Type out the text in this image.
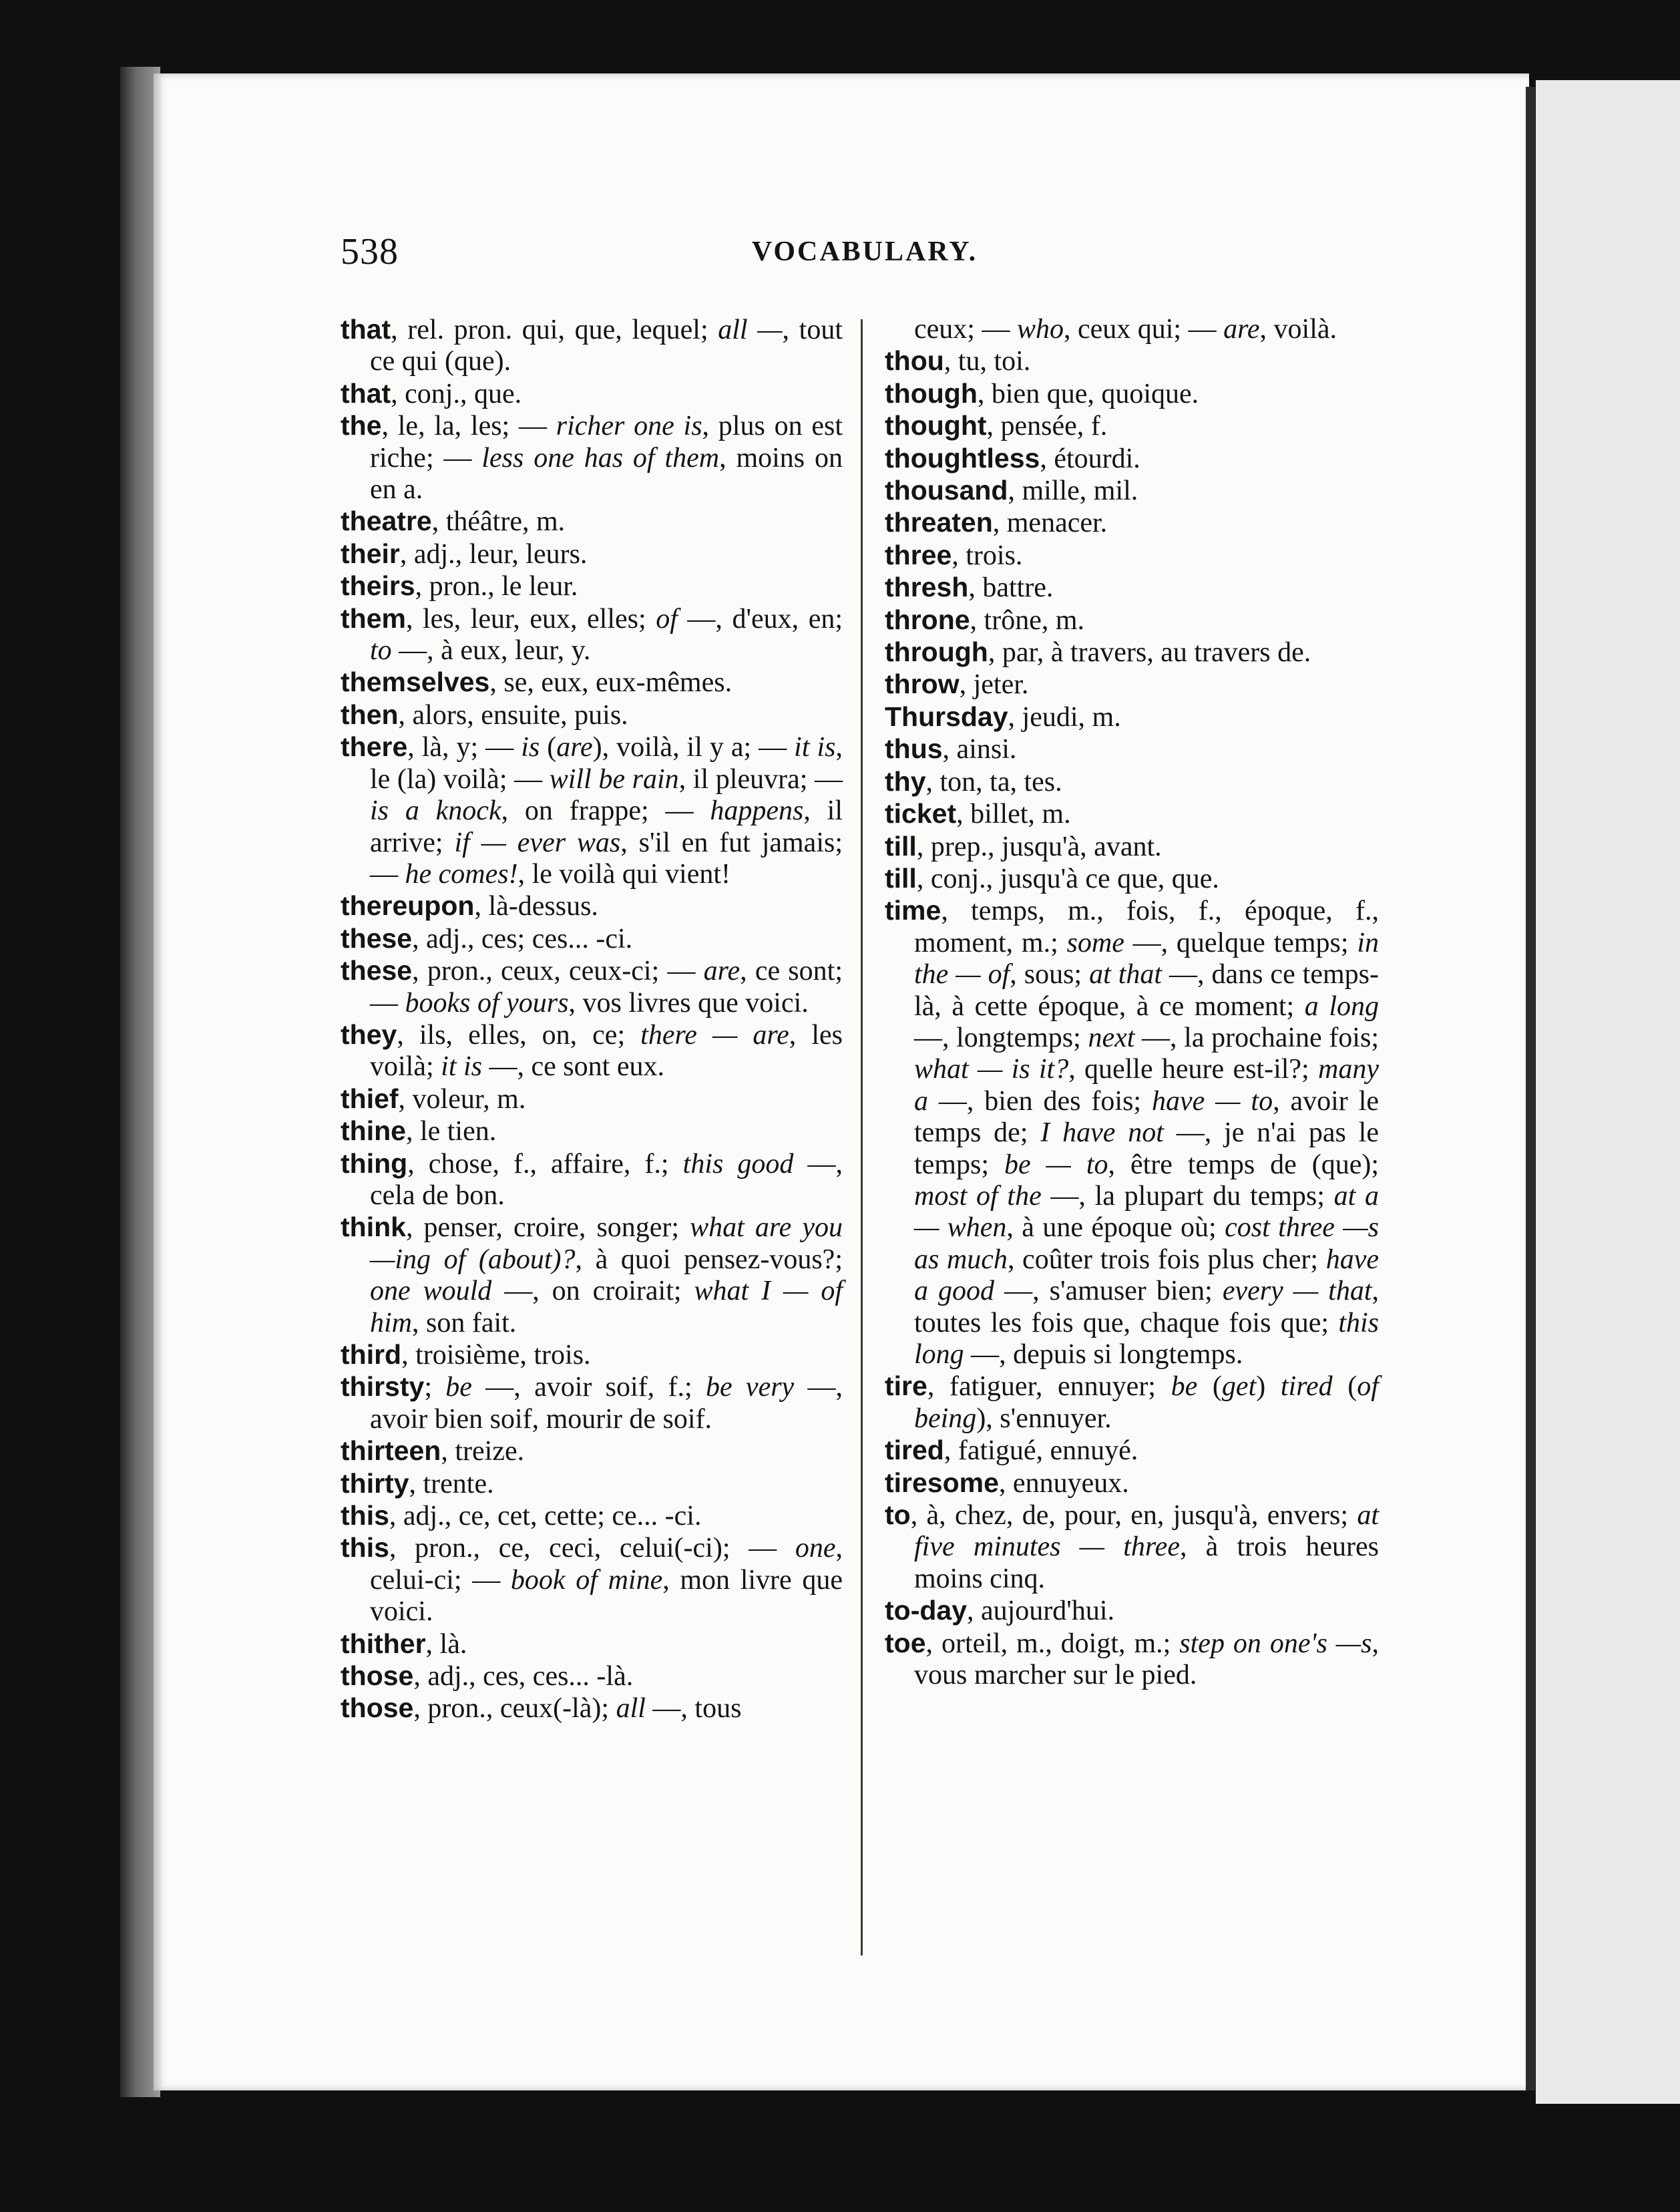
538	VOCABULARY.

that, rel. pron. qui, que, lequel; all —, tout ce qui (que).

that, conj., que.

the, le, la, les; — richer one is, plus on est riche; — less one has of them, moins on en a.

theatre, théâtre, m.

their, adj., leur, leurs.

theirs, pron., le leur.

them, les, leur, eux, elles; of —, d'eux, en; to —, à eux, leur, y.

themselves, se, eux, eux-mêmes.

then, alors, ensuite, puis.

there, là, y; — is (are), voilà, il y a; — it is, le (la) voilà; — will be rain, il pleuvra; — is a knock, on frappe; — happens, il arrive; if — ever was, s'il en fut jamais; — he comes!, le voilà qui vient!

thereupon, là-dessus.

these, adj., ces; ces... -ci.

these, pron., ceux, ceux-ci; — are, ce sont; — books of yours, vos livres que voici.

they, ils, elles, on, ce; there — are, les voilà; it is —, ce sont eux.

thief, voleur, m.

thine, le tien.

thing, chose, f., affaire, f.; this good —, cela de bon.

think, penser, croire, songer; what are you —ing of (about)?, à quoi pensez-vous?; one would —, on croirait; what I — of him, son fait.

third, troisième, trois.

thirsty; be —, avoir soif, f.; be very —, avoir bien soif, mourir de soif.

thirteen, treize.

thirty, trente.

this, adj., ce, cet, cette; ce... -ci.

this, pron., ce, ceci, celui(-ci); — one, celui-ci; — book of mine, mon livre que voici.

thither, là.

those, adj., ces, ces... -là.

those, pron., ceux(-là); all —, tous

ceux; — who, ceux qui; — are, voilà.

thou, tu, toi.

though, bien que, quoique.

thought, pensée, f.

thoughtless, étourdi.

thousand, mille, mil.

threaten, menacer.

three, trois.

thresh, battre.

throne, trône, m.

through, par, à travers, au travers de.

throw, jeter.

Thursday, jeudi, m.

thus, ainsi.

thy, ton, ta, tes.

ticket, billet, m.

till, prep., jusqu'à, avant.

till, conj., jusqu'à ce que, que.

time, temps, m., fois, f., époque, f., moment, m.; some —, quelque temps; in the — of, sous; at that —, dans ce temps-là, à cette époque, à ce moment; a long —, longtemps; next —, la prochaine fois; what — is it?, quelle heure est-il?; many a —, bien des fois; have — to, avoir le temps de; I have not —, je n'ai pas le temps; be — to, être temps de (que); most of the —, la plupart du temps; at a — when, à une époque où; cost three —s as much, coûter trois fois plus cher; have a good —, s'amuser bien; every — that, toutes les fois que, chaque fois que; this long —, depuis si longtemps.

tire, fatiguer, ennuyer; be (get) tired (of being), s'ennuyer.

tired, fatigué, ennuyé.

tiresome, ennuyeux.

to, à, chez, de, pour, en, jusqu'à, envers; at five minutes — three, à trois heures moins cinq.

to-day, aujourd'hui.

toe, orteil, m., doigt, m.; step on one's —s, vous marcher sur le pied.
